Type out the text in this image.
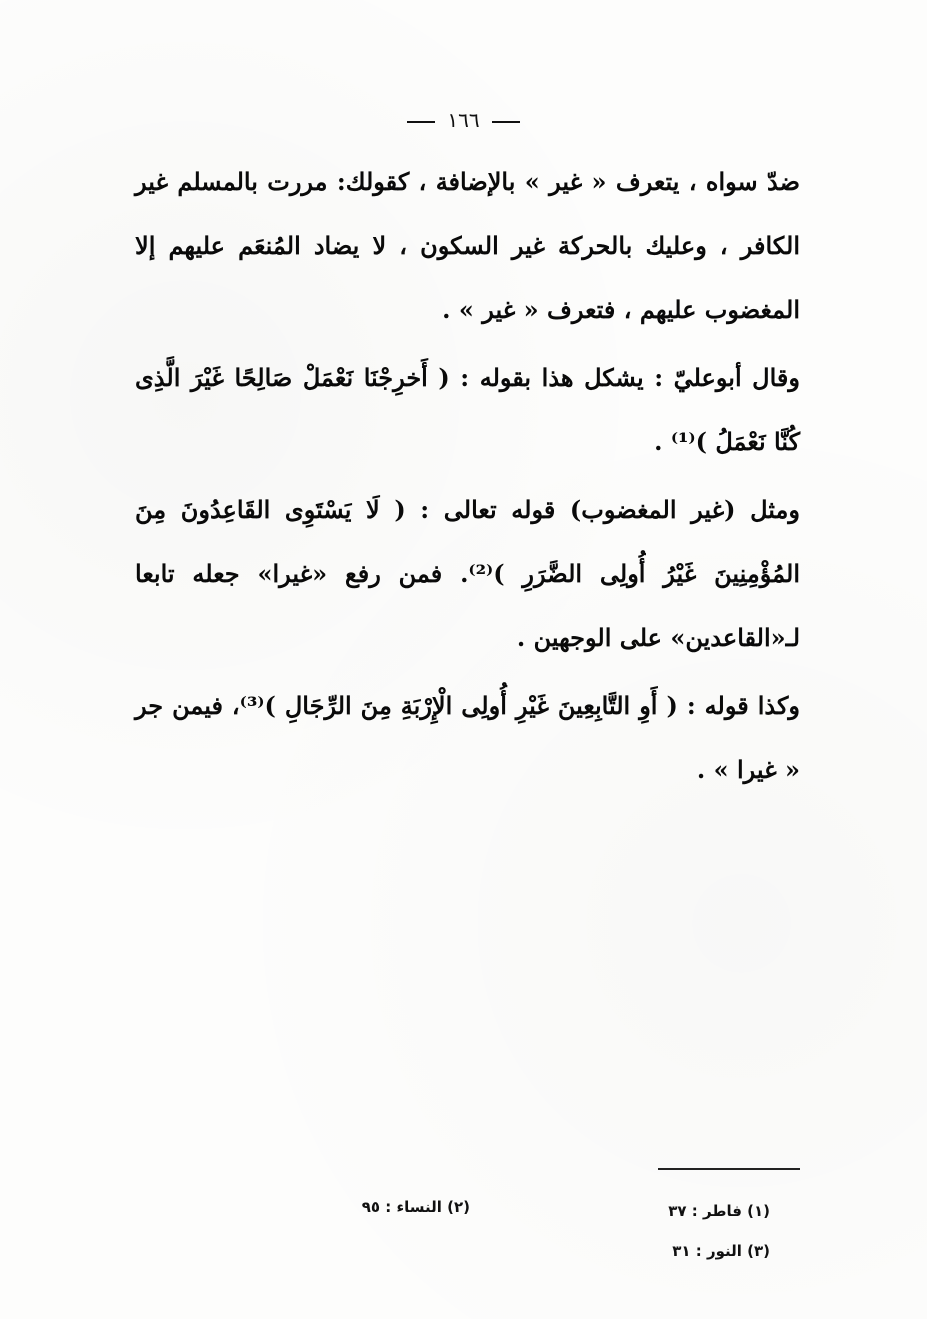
١٦٦

ضدّ سواه ، يتعرف « غير » بالإضافة ، كقولك: مررت بالمسلم غير الكافر ، وعليك بالحركة غير السكون ، لا يضاد المُنعَم عليهم إلا المغضوب عليهم ، فتعرف « غير » .

وقال أبوعليّ : يشكل هذا بقوله : ( أَخرِجْنَا نَعْمَلْ صَالِحًا غَيْرَ الَّذِى كُنَّا نَعْمَلُ )⁽¹⁾ .

ومثل (غير المغضوب) قوله تعالى : ( لَا يَسْتَوِى القَاعِدُونَ مِنَ المُؤْمِنِينَ غَيْرُ أُولِى الضَّرَرِ )⁽²⁾. فمن رفع «غيرا» جعله تابعا لـ«القاعدين» على الوجهين .

وكذا قوله : ( أَوِ التَّابِعِينَ غَيْرِ أُولِى الْإِرْبَةِ مِنَ الرِّجَالِ )⁽³⁾، فيمن جر « غيرا » .

(١) فاطر : ٣٧
(٢) النساء : ٩٥
(٣) النور : ٣١
